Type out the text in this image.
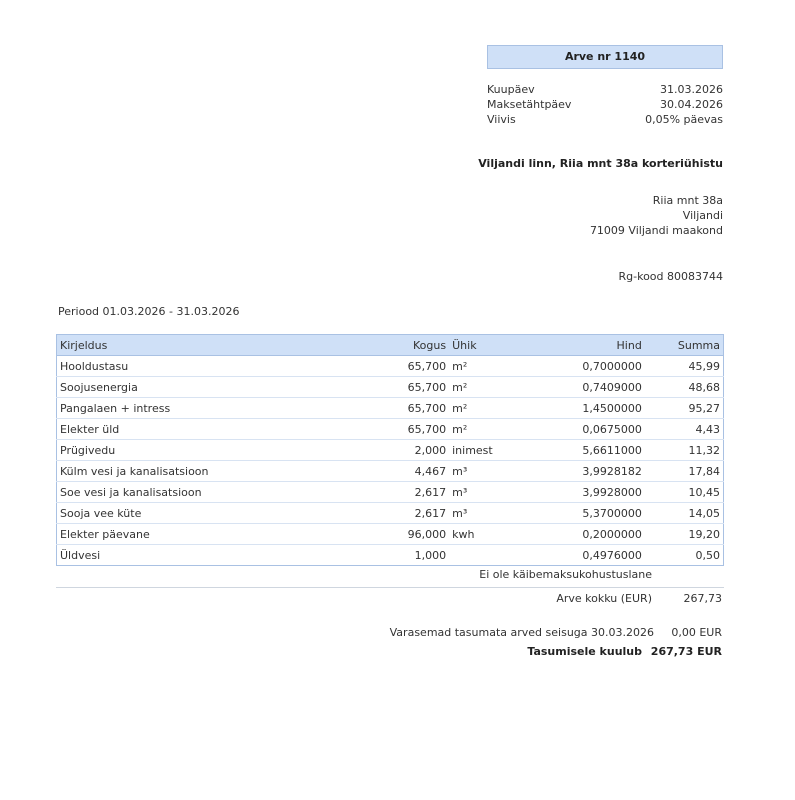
Arve nr 1140
Kuupäev	31.03.2026
Maksetähtpäev	30.04.2026
Viivis	0,05% päevas
Viljandi linn, Riia mnt 38a korteriühistu
Riia mnt 38a
Viljandi
71009 Viljandi maakond
Rg-kood 80083744
Periood 01.03.2026 - 31.03.2026
Kirjeldus	Kogus	Ühik	Hind	Summa
Hooldustasu	65,700	m²	0,7000000	45,99
Soojusenergia	65,700	m²	0,7409000	48,68
Pangalaen + intress	65,700	m²	1,4500000	95,27
Elekter üld	65,700	m²	0,0675000	4,43
Prügivedu	2,000	inimest	5,6611000	11,32
Külm vesi ja kanalisatsioon	4,467	m³	3,9928182	17,84
Soe vesi ja kanalisatsioon	2,617	m³	3,9928000	10,45
Sooja vee küte	2,617	m³	5,3700000	14,05
Elekter päevane	96,000	kwh	0,2000000	19,20
Üldvesi	1,000		0,4976000	0,50
Ei ole käibemaksukohustuslane
Arve kokku (EUR)	267,73
Varasemad tasumata arved seisuga 30.03.2026	0,00 EUR
Tasumisele kuulub 267,73 EUR
